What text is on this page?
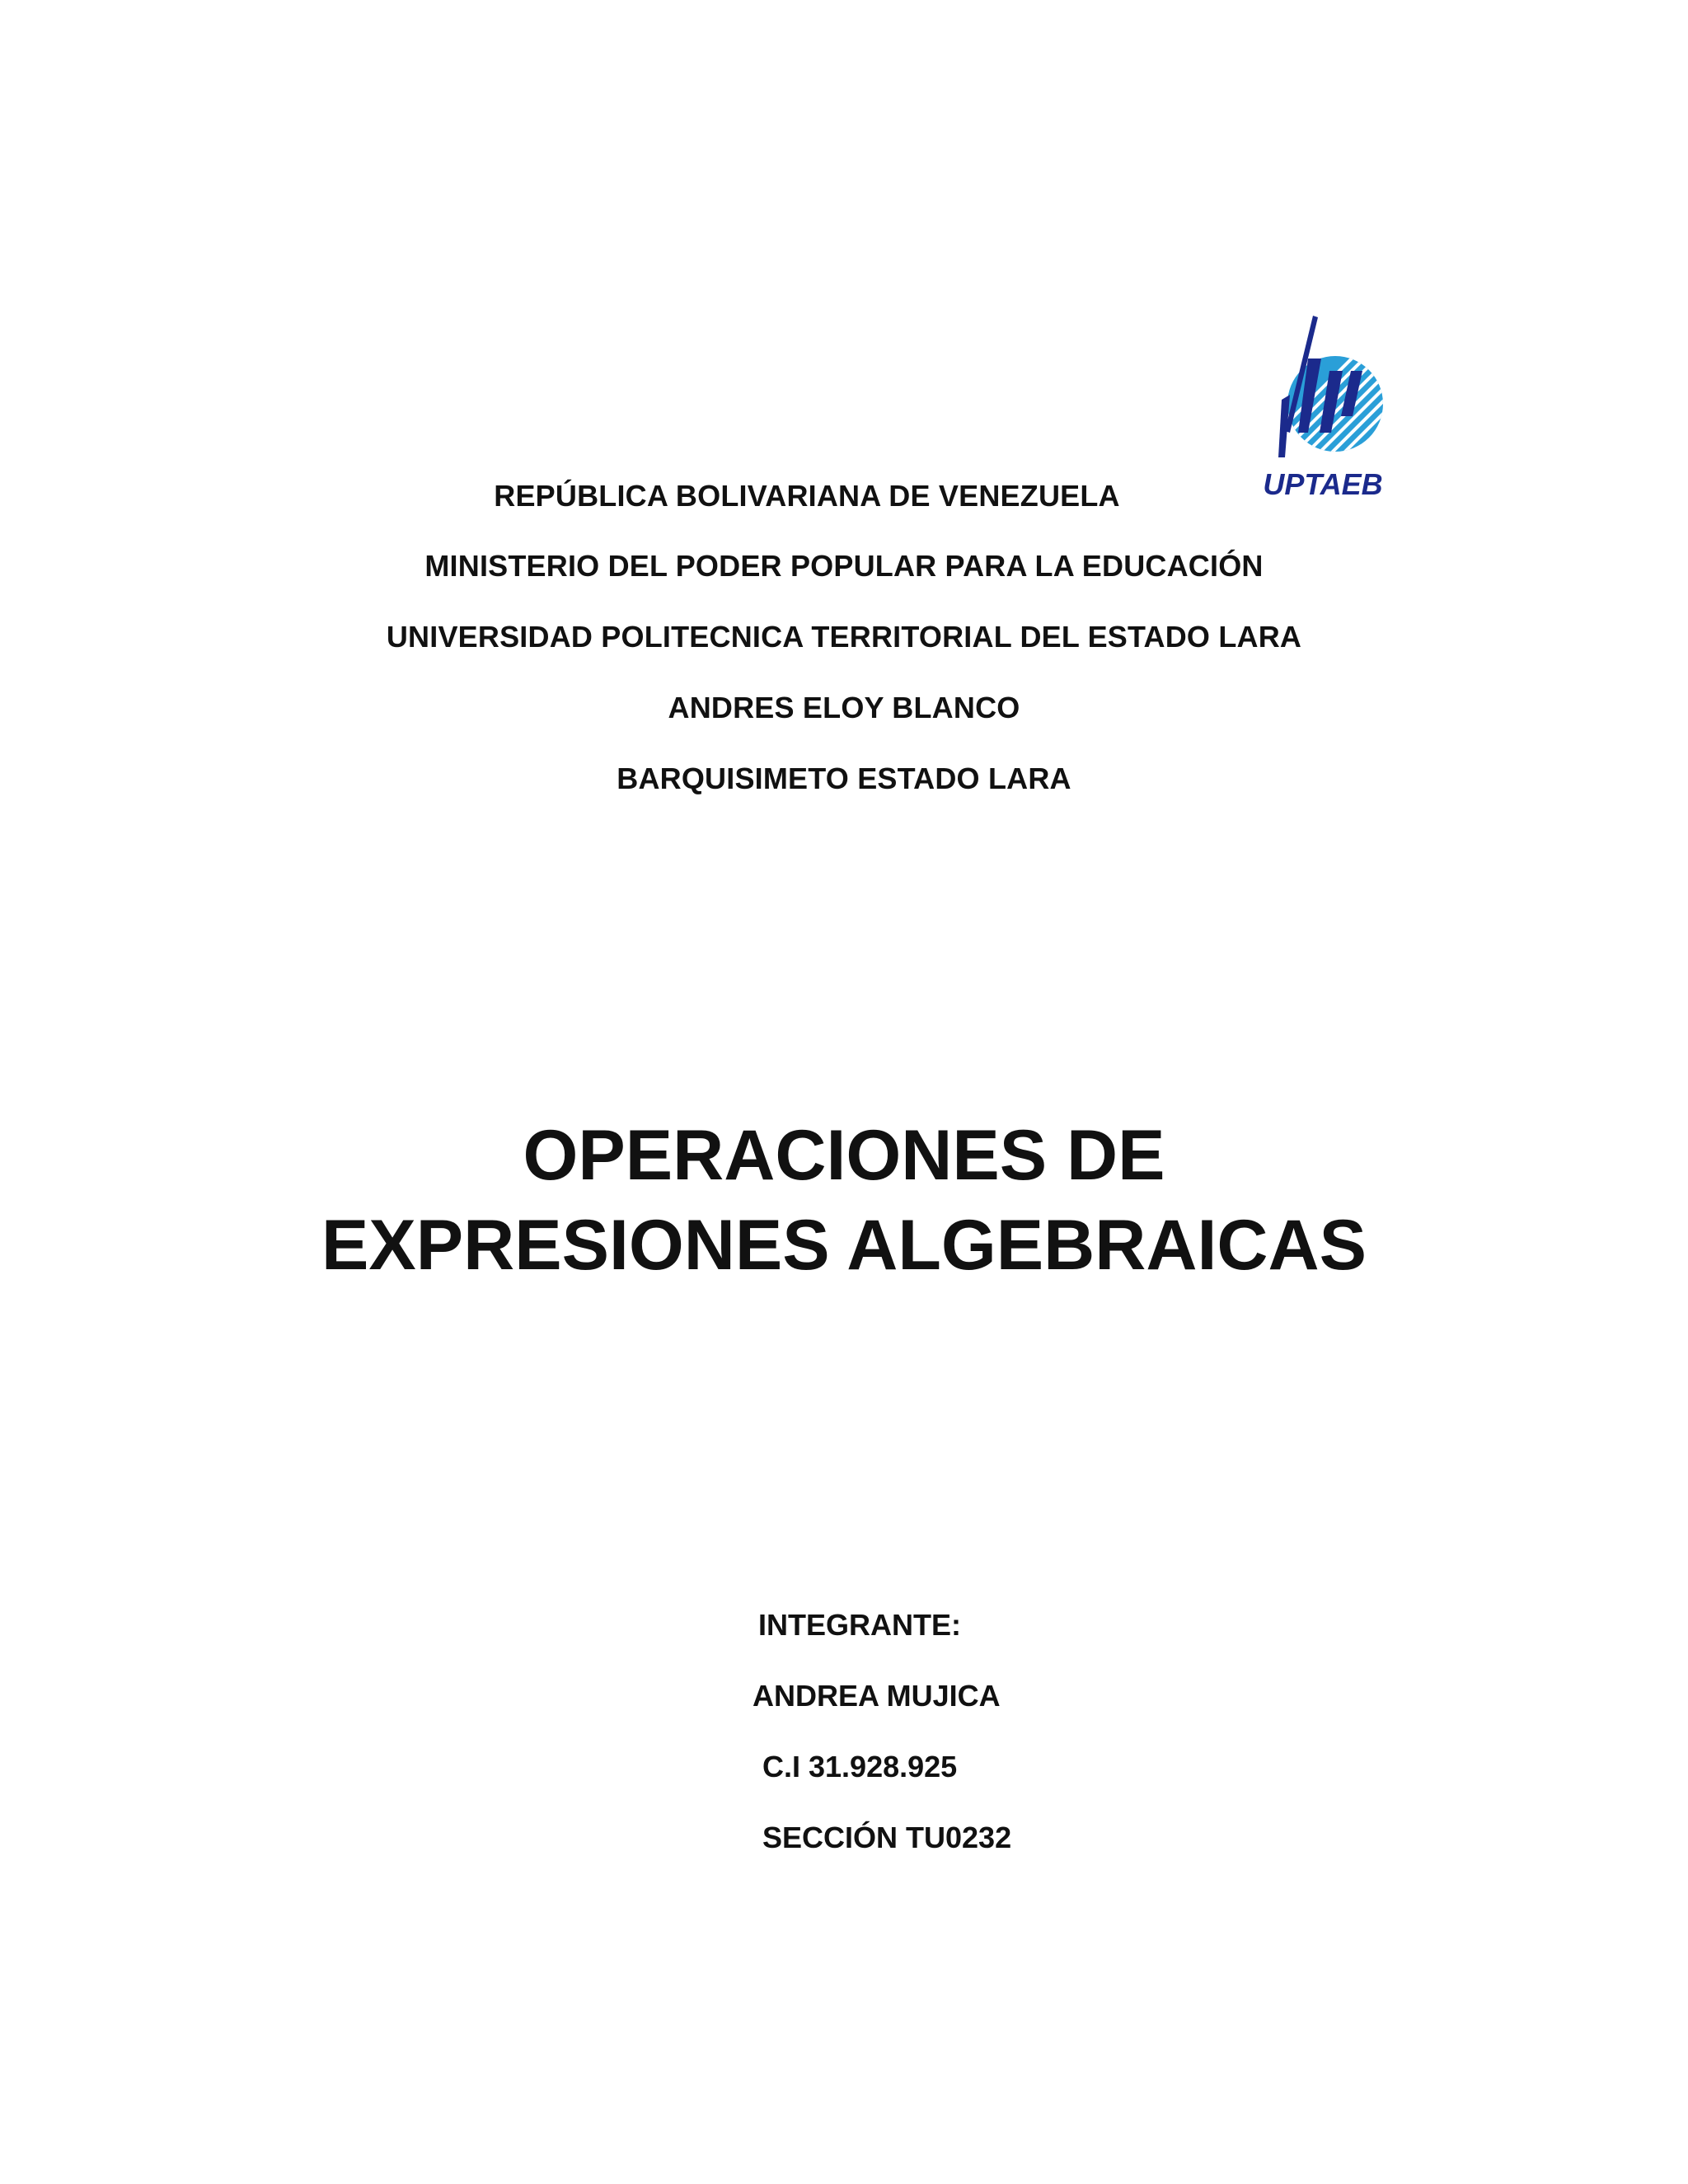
UPTAEB
REPÚBLICA BOLIVARIANA DE VENEZUELA
MINISTERIO DEL PODER POPULAR PARA LA EDUCACIÓN
UNIVERSIDAD POLITECNICA TERRITORIAL DEL ESTADO LARA
ANDRES ELOY BLANCO
BARQUISIMETO ESTADO LARA
OPERACIONES DE
EXPRESIONES ALGEBRAICAS
INTEGRANTE:
ANDREA MUJICA
C.I 31.928.925
SECCIÓN TU0232
